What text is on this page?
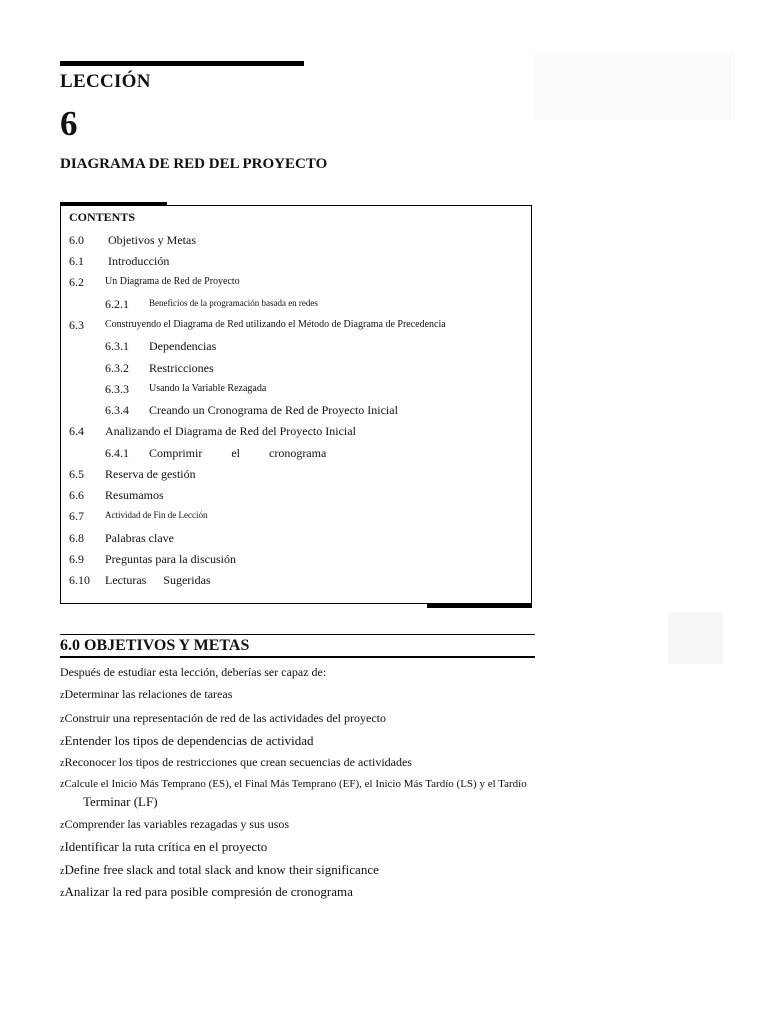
LECCIÓN
6
DIAGRAMA DE RED DEL PROYECTO
CONTENTS
6.0 Objetivos y Metas
6.1 Introducción
6.2 Un Diagrama de Red de Proyecto
6.2.1 Beneficios de la programación basada en redes
6.3 Construyendo el Diagrama de Red utilizando el Método de Diagrama de Precedencia
6.3.1 Dependencias
6.3.2 Restricciones
6.3.3 Usando la Variable Rezagada
6.3.4 Creando un Cronograma de Red de Proyecto Inicial
6.4 Analizando el Diagrama de Red del Proyecto Inicial
6.4.1 Comprimir el cronograma
6.5 Reserva de gestión
6.6 Resumamos
6.7 Actividad de Fin de Lección
6.8 Palabras clave
6.9 Preguntas para la discusión
6.10 Lecturas Sugeridas
6.0 OBJETIVOS Y METAS
Después de estudiar esta lección, deberías ser capaz de:
zDeterminar las relaciones de tareas
zConstruir una representación de red de las actividades del proyecto
zEntender los tipos de dependencias de actividad
zReconocer los tipos de restricciones que crean secuencias de actividades
zCalcule el Inicio Más Temprano (ES), el Final Más Temprano (EF), el Inicio Más Tardío (LS) y el Tardío
Terminar (LF)
zComprender las variables rezagadas y sus usos
zIdentificar la ruta crítica en el proyecto
zDefine free slack and total slack and know their significance
zAnalizar la red para posible compresión de cronograma
